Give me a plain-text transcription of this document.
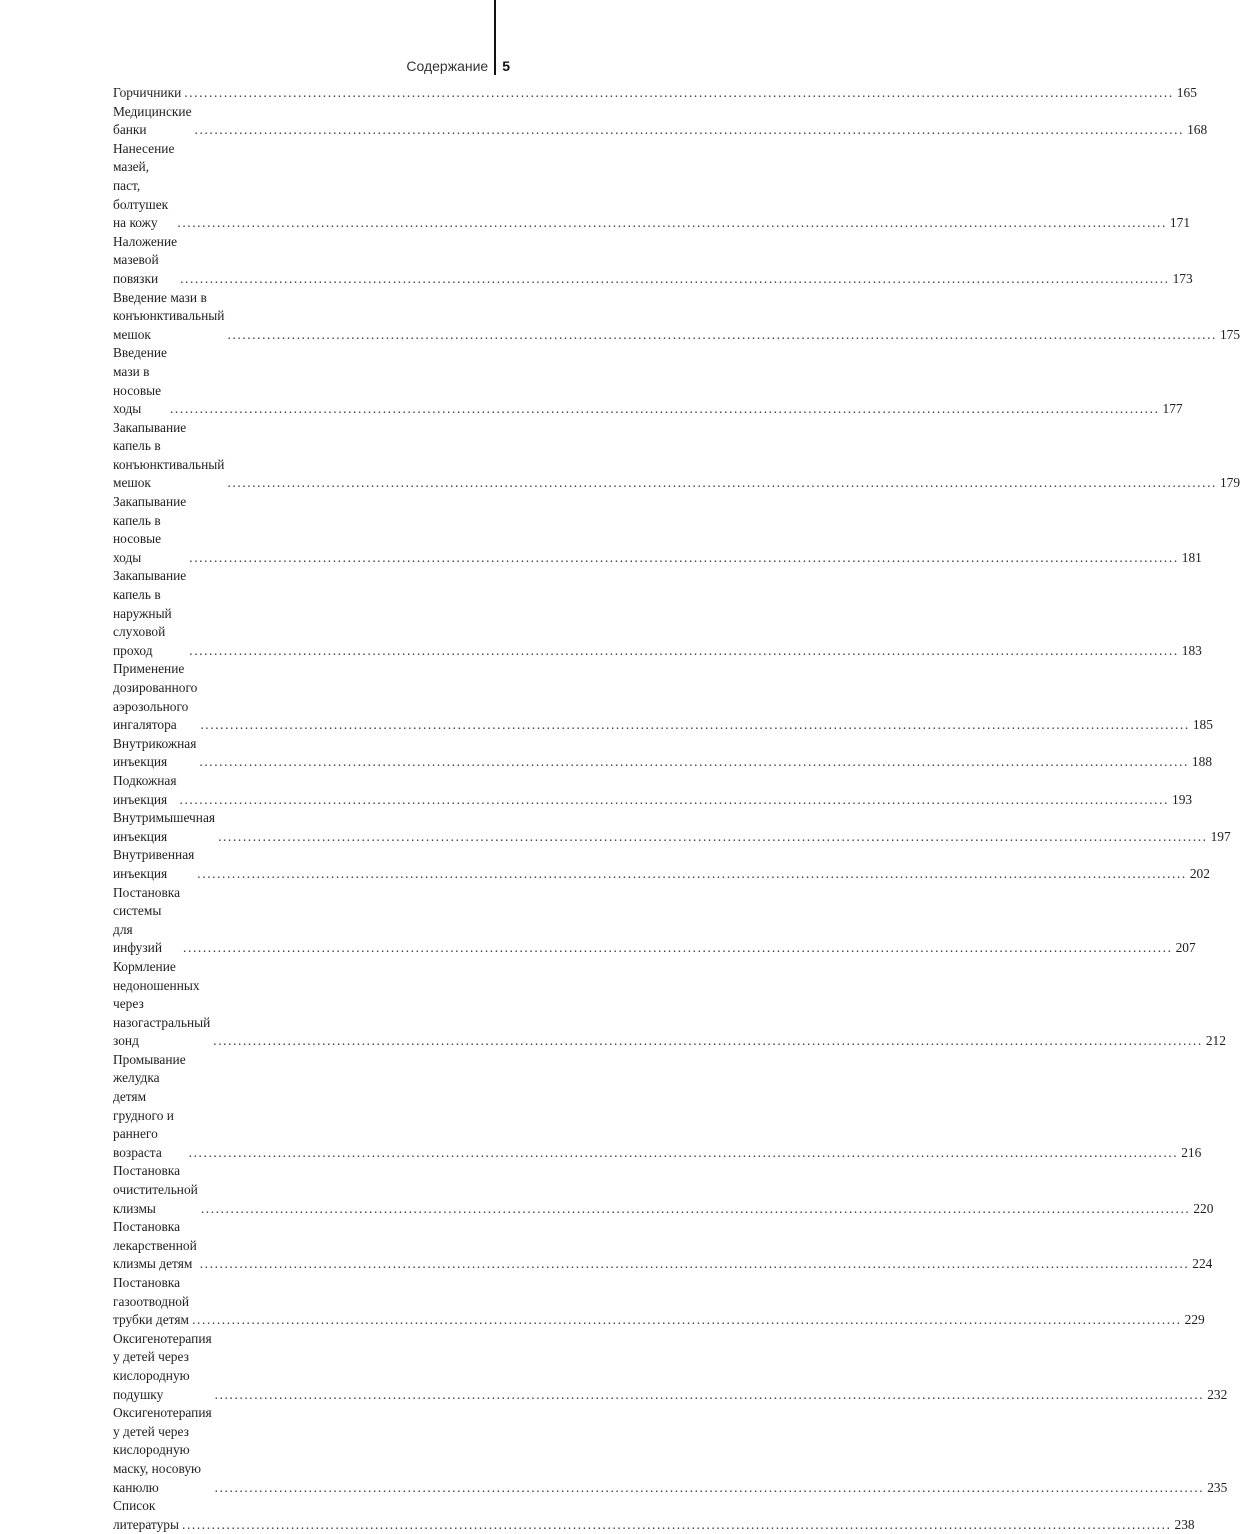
Содержание 5
Горчичники ........................................................................................................................................................................................................ 165
Медицинские банки	........................................................................................................................................................................................................ 168
Нанесение мазей, паст, болтушек на кожу	........................................................................................................................................................................................................ 171
Наложение мазевой повязки	........................................................................................................................................................................................................ 173
Введение мази в конъюнктивальный мешок	........................................................................................................................................................................................................ 175
Введение мази в носовые ходы	........................................................................................................................................................................................................ 177
Закапывание капель в конъюнктивальный мешок	........................................................................................................................................................................................................ 179
Закапывание капель в носовые ходы	........................................................................................................................................................................................................ 181
Закапывание капель в наружный слуховой проход	........................................................................................................................................................................................................ 183
Применение дозированного аэрозольного ингалятора	........................................................................................................................................................................................................ 185
Внутрикожная инъекция	........................................................................................................................................................................................................ 188
Подкожная инъекция ........................................................................................................................................................................................................ 193
Внутримышечная инъекция	........................................................................................................................................................................................................ 197
Внутривенная инъекция	........................................................................................................................................................................................................ 202
Постановка системы для инфузий	........................................................................................................................................................................................................ 207
Кормление недоношенных через назогастральный зонд	........................................................................................................................................................................................................ 212
Промывание желудка детям грудного и раннего возраста	........................................................................................................................................................................................................ 216
Постановка очистительной клизмы	........................................................................................................................................................................................................ 220
Постановка лекарственной клизмы детям ........................................................................................................................................................................................................ 224
Постановка газоотводной трубки детям ........................................................................................................................................................................................................ 229
Оксигенотерапия у детей через кислородную подушку	........................................................................................................................................................................................................ 232
Оксигенотерапия у детей через кислородную маску, носовую канюлю	........................................................................................................................................................................................................ 235
Список литературы ........................................................................................................................................................................................................ 238
